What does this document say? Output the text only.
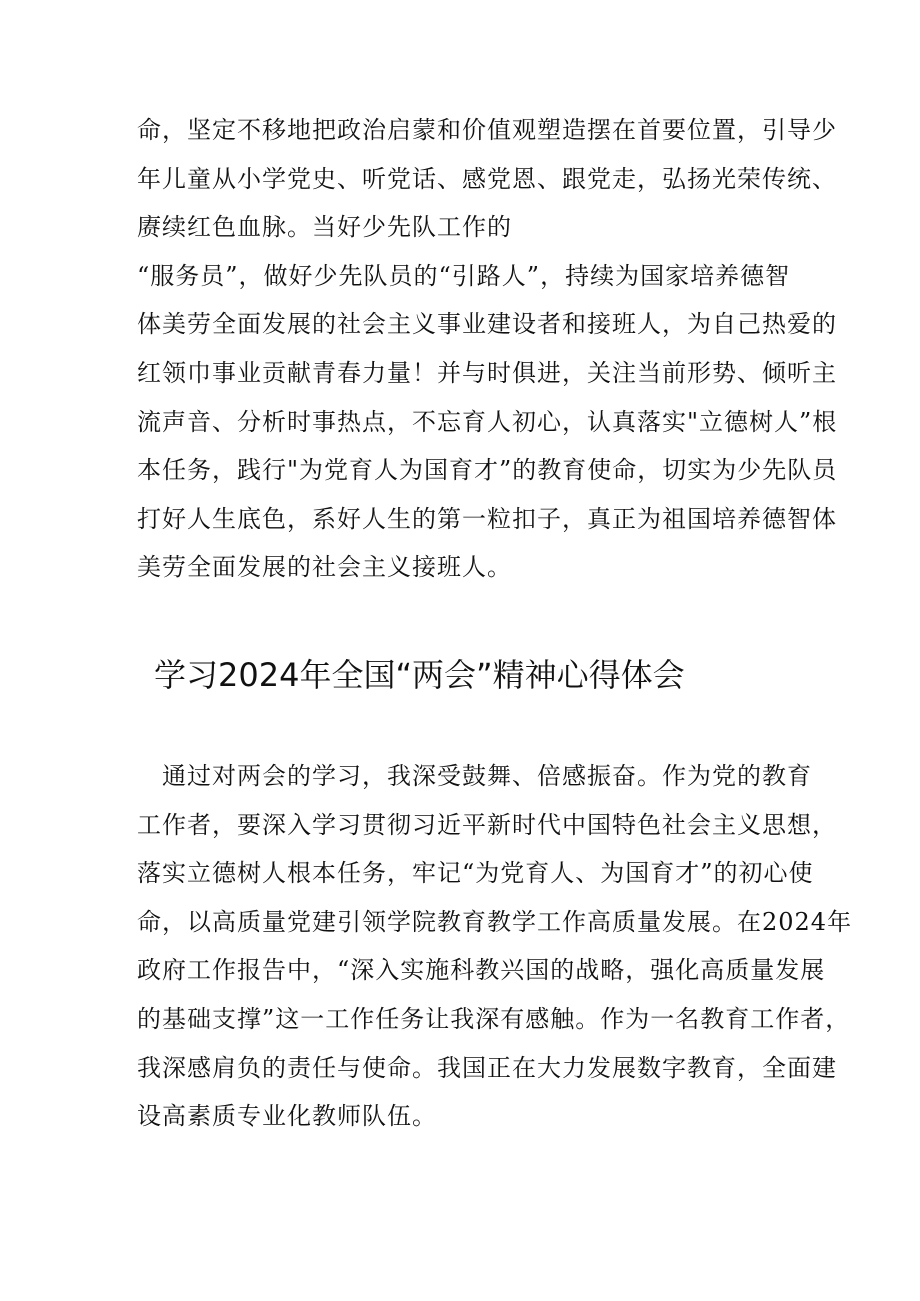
命，坚定不移地把政治启蒙和价值观塑造摆在首要位置，引导少
年儿童从小学党史、听党话、感党恩、跟党走，弘扬光荣传统、
赓续红色血脉。当好少先队工作的
“服务员”，做好少先队员的“引路人”，持续为国家培养德智
体美劳全面发展的社会主义事业建设者和接班人，为自己热爱的
红领巾事业贡献青春力量！并与时俱进，关注当前形势、倾听主
流声音、分析时事热点，不忘育人初心，认真落实"立德树人”根
本任务，践行"为党育人为国育才”的教育使命，切实为少先队员
打好人生底色，系好人生的第一粒扣子，真正为祖国培养德智体
美劳全面发展的社会主义接班人。
学习2024年全国“两会”精神心得体会
　通过对两会的学习，我深受鼓舞、倍感振奋。作为党的教育
工作者，要深入学习贯彻习近平新时代中国特色社会主义思想，
落实立德树人根本任务，牢记“为党育人、为国育才”的初心使
命，以高质量党建引领学院教育教学工作高质量发展。在2024年
政府工作报告中，“深入实施科教兴国的战略，强化高质量发展
的基础支撑”这一工作任务让我深有感触。作为一名教育工作者，
我深感肩负的责任与使命。我国正在大力发展数字教育，全面建
设高素质专业化教师队伍。
